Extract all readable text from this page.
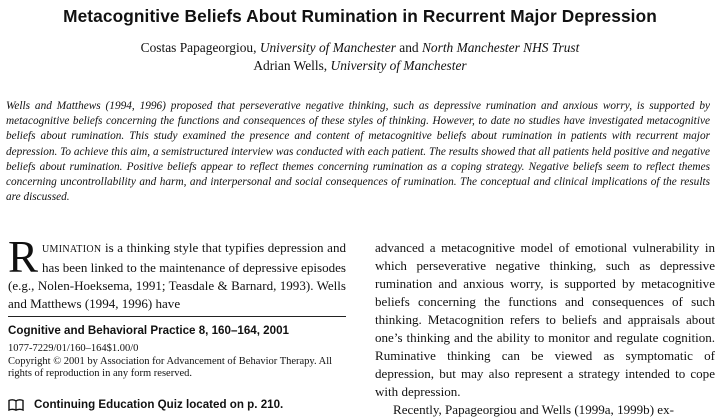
Metacognitive Beliefs About Rumination in Recurrent Major Depression
Costas Papageorgiou, University of Manchester and North Manchester NHS Trust
Adrian Wells, University of Manchester
Wells and Matthews (1994, 1996) proposed that perseverative negative thinking, such as depressive rumination and anxious worry, is supported by metacognitive beliefs concerning the functions and consequences of these styles of thinking. However, to date no studies have investigated metacognitive beliefs about rumination. This study examined the presence and content of metacognitive beliefs about rumination in patients with recurrent major depression. To achieve this aim, a semistructured interview was conducted with each patient. The results showed that all patients held positive and negative beliefs about rumination. Positive beliefs appear to reflect themes concerning rumination as a coping strategy. Negative beliefs seem to reflect themes concerning uncontrollability and harm, and interpersonal and social consequences of rumination. The conceptual and clinical implications of the results are discussed.
RUMINATION is a thinking style that typifies depression and has been linked to the maintenance of depressive episodes (e.g., Nolen-Hoeksema, 1991; Teasdale & Barnard, 1993). Wells and Matthews (1994, 1996) have
Cognitive and Behavioral Practice 8, 160–164, 2001
1077-7229/01/160–164$1.00/0
Copyright © 2001 by Association for Advancement of Behavior Therapy. All rights of reproduction in any form reserved.
Continuing Education Quiz located on p. 210.
advanced a metacognitive model of emotional vulnerability in which perseverative negative thinking, such as depressive rumination and anxious worry, is supported by metacognitive beliefs concerning the functions and consequences of such thinking. Metacognition refers to beliefs and appraisals about one’s thinking and the ability to monitor and regulate cognition. Ruminative thinking can be viewed as symptomatic of depression, but may also represent a strategy intended to cope with depression.
Recently, Papageorgiou and Wells (1999a, 1999b) ex-
